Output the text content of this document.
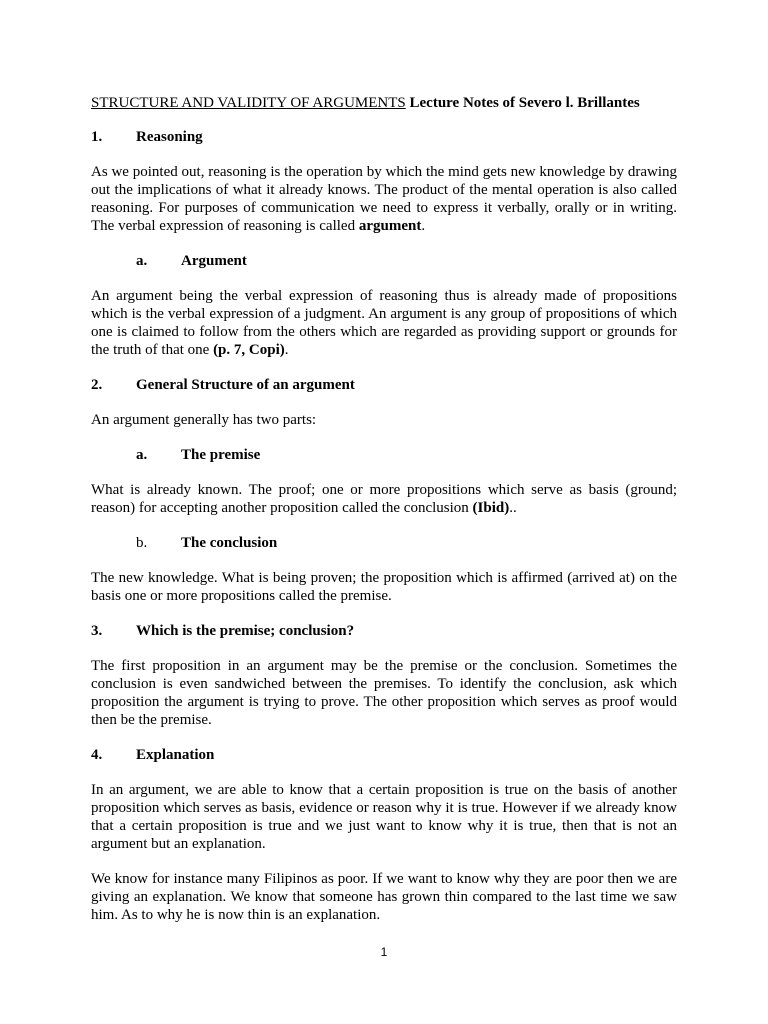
STRUCTURE AND VALIDITY OF ARGUMENTS Lecture Notes of Severo l. Brillantes

1. Reasoning

As we pointed out, reasoning is the operation by which the mind gets new knowledge by drawing out the implications of what it already knows. The product of the mental operation is also called reasoning. For purposes of communication we need to express it verbally, orally or in writing. The verbal expression of reasoning is called argument.

a. Argument

An argument being the verbal expression of reasoning thus is already made of propositions which is the verbal expression of a judgment. An argument is any group of propositions of which one is claimed to follow from the others which are regarded as providing support or grounds for the truth of that one (p. 7, Copi).

2. General Structure of an argument

An argument generally has two parts:

a. The premise

What is already known. The proof; one or more propositions which serve as basis (ground; reason) for accepting another proposition called the conclusion (Ibid)..

b. The conclusion

The new knowledge. What is being proven; the proposition which is affirmed (arrived at) on the basis one or more propositions called the premise.

3. Which is the premise; conclusion?

The first proposition in an argument may be the premise or the conclusion. Sometimes the conclusion is even sandwiched between the premises. To identify the conclusion, ask which proposition the argument is trying to prove. The other proposition which serves as proof would then be the premise.

4. Explanation

In an argument, we are able to know that a certain proposition is true on the basis of another proposition which serves as basis, evidence or reason why it is true. However if we already know that a certain proposition is true and we just want to know why it is true, then that is not an argument but an explanation.

We know for instance many Filipinos as poor. If we want to know why they are poor then we are giving an explanation. We know that someone has grown thin compared to the last time we saw him. As to why he is now thin is an explanation.

1
